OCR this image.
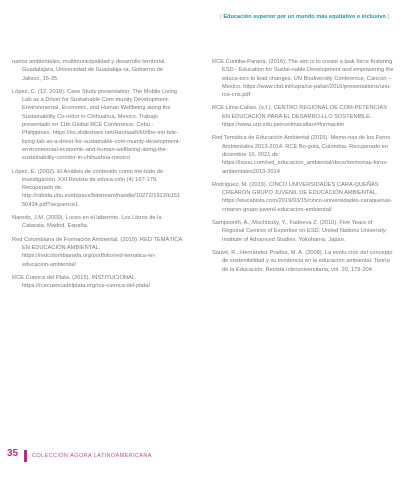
[ Educación superior por un mundo más equitativo e inclusivo ]

narios ambientales, multimunicipalidad y desarrollo territorial. Guadalajara, Universidad de Guadalaja-ra, Gobierno de Jalisco, 15-35.

López, C. (12, 2018). Case Study presentation: The Mobile Living Lab as a Driver for Sustainable Com-munity Development: Environmental, Economic, and Human Wellbeing along the Sustainability Co-rridor in Chihuahua, Mexico. Trabajo presentado en 11th Global RCE Conference, Cebu - Philippines. https://es.slideshare.net/HannaaR/k0/the-mo-bile-living-lab-as-a-driver-for-sustainable-com-munity-development-environmental-economic-and-human-wellbeing-along-the-sustainability-corridor-in-chihuahua-mexico

López, E. (2002). El Análisis de contenido como mé-todo de investigación. XXI Revista de educa-ción (4) 167-179. Recuperado de: http://rabida.uhu.es/dspace/bitstream/handle/10272/1912/b15150434.pdf?sequence1

Naredo, J.M. (2009). Luces en el laberinto. Los Libros de la Catarata. Madrid, España.

Red Colombiana de Formación Ambiental. (2019). RED TEMÁTICA EN EDUCACIÓN AMBIENTAL. https://redcolombianafa.org/portfolio/red-tematica-en-educacion-ambiental/

RCE Cuenca del Plata. (2015). INSTITUCIONAL. https://rcecuencadelplata.org/rce-cuenca-del-plata/

RCE Curitiba-Paraná. (2016). The aim is to create a task force fostering ESD - Education for Sustai-nable Development and empowering the educa-tors to lead changes. UN Biodiversity Conference, Cancún – Mexico. https://www.cbd.int/cepa/ce-pafair/2016/presentations/unu-rce-cns.pdf

RCE Lima-Callao. (s.f.). CENTRO REGIONAL DE COM-PETENCIAS EN EDUCACIÓN PARA EL DESARRO-LLO SOSTENIBLE. https://www.urp.edu.pe/rcelimacallao/#formación

Red Temática de Educación Ambiental (2015). Memo-rias de los Foros Ambientales 2013-2014. RCE Bo-gotá, Colombia. Recuperado en diciembre 10, 2021 de: https://issuu.com/red_educacion_ambiental/docs/memorias-foros-ambientales2013-2014

Rodríguez, M. (2019). CINCO UNIVERSIDADES CARA-QUEÑAS CREARON GRUPO JUVENIL DE EDUCACIÓN AMBIENTAL. https://elucabista.com/2019/03/15/cinco-universidades-caraquenas-crearon-grupo-juvenil-educacion-ambiental/

Sampsonth, A., Mochizuky, Y., Fadeeva Z. (2010). Five Years of Regional Centres of Expertise on ESD. United Nations University-Institute of Advanced Studies. Yokohama, Japan.

Sauvé, R., Hernández Prados, M. A. (2008). La evolu-ción del concepto de sostenibilidad y su incidencia en la educación ambiental. Teoría de la Educación. Revista interuniversitaria, vol. 20, 179-204.

35	COLECCIÓN ÁGORA LATINOAMERICANA
